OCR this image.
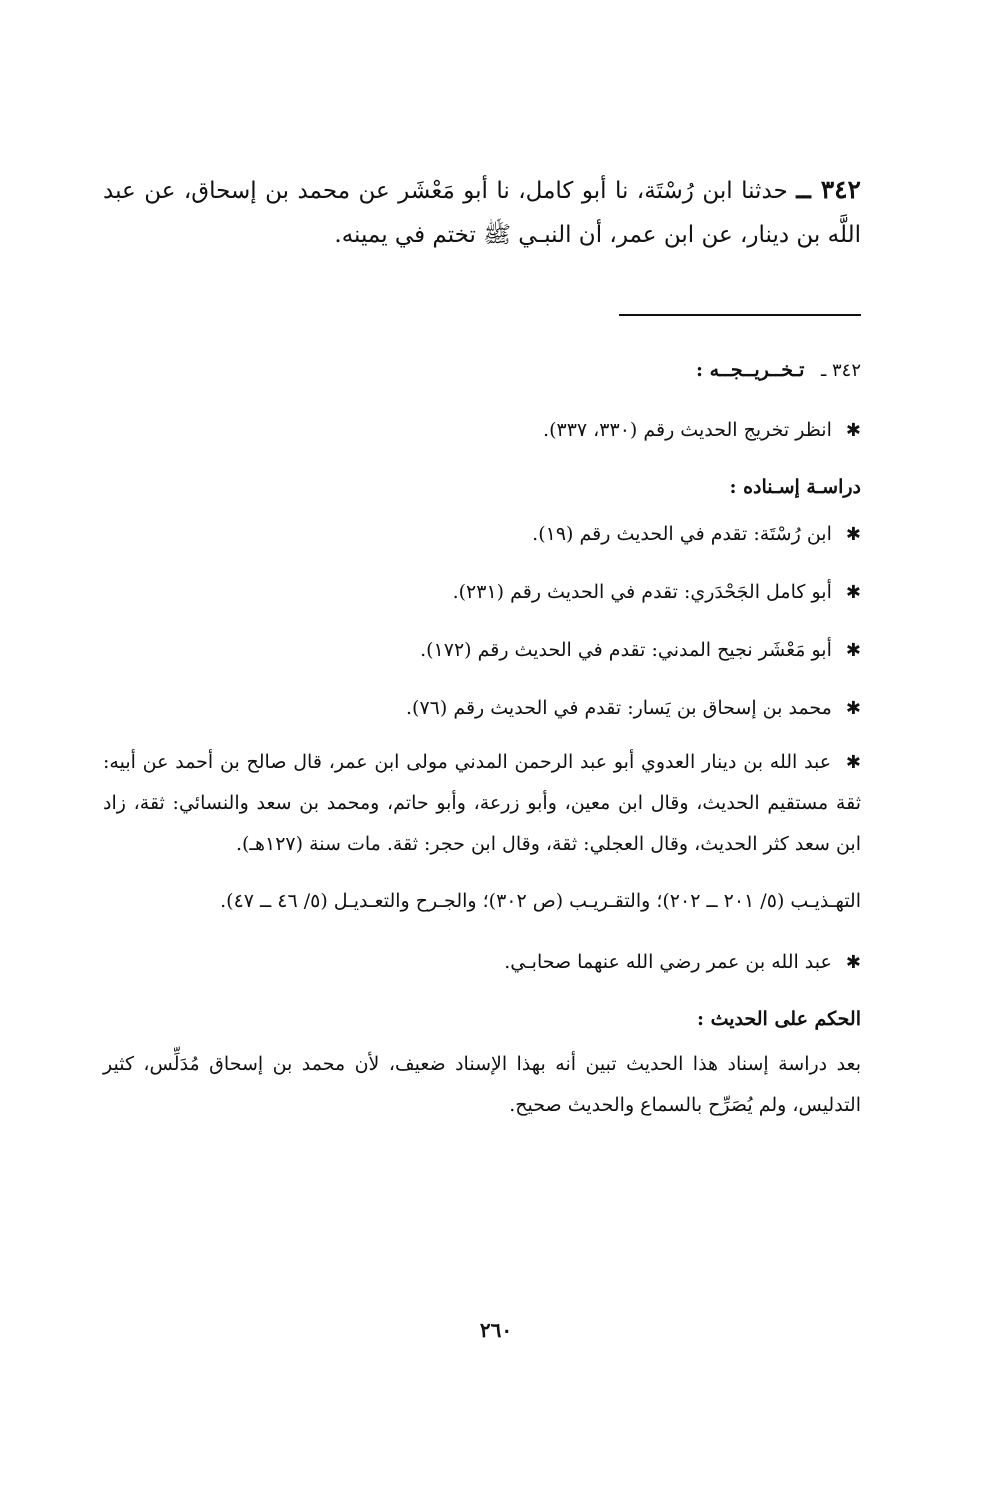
٣٤٢ ــ حدثنا ابن رُسْتَة، نا أبو كامل، نا أبو مَعْشَر عن محمد بن إسحاق، عن عبد اللَّه بن دينار، عن ابن عمر، أن النبـي ﷺ تختم في يمينه.
٣٤٢ ـ تـخــريــجــه :
✱ انظر تخريج الحديث رقم (٣٣٠، ٣٣٧).
دراسـة إسـناده :
✱ ابن رُسْتَة: تقدم في الحديث رقم (١٩).
✱ أبو كامل الجَحْدَري: تقدم في الحديث رقم (٢٣١).
✱ أبو مَعْشَر نجيح المدني: تقدم في الحديث رقم (١٧٢).
✱ محمد بن إسحاق بن يَسار: تقدم في الحديث رقم (٧٦).
✱ عبد الله بن دينار العدوي أبو عبد الرحمن المدني مولى ابن عمر، قال صالح بن أحمد عن أبيه: ثقة مستقيم الحديث، وقال ابن معين، وأبو زرعة، وأبو حاتم، ومحمد بن سعد والنسائي: ثقة، زاد ابن سعد كثر الحديث، وقال العجلي: ثقة، وقال ابن حجر: ثقة. مات سنة (١٢٧هـ).
التهـذيـب (٥/ ٢٠١ ــ ٢٠٢)؛ والتقـريـب (ص ٣٠٢)؛ والجـرح والتعـديـل (٥/ ٤٦ ــ ٤٧).
✱ عبد الله بن عمر رضي الله عنهما صحابـي.
الحكم على الحديث :
بعد دراسة إسناد هذا الحديث تبين أنه بهذا الإسناد ضعيف، لأن محمد بن إسحاق مُدَلِّس، كثير التدليس، ولم يُصَرِّح بالسماع والحديث صحيح.
٢٦٠
